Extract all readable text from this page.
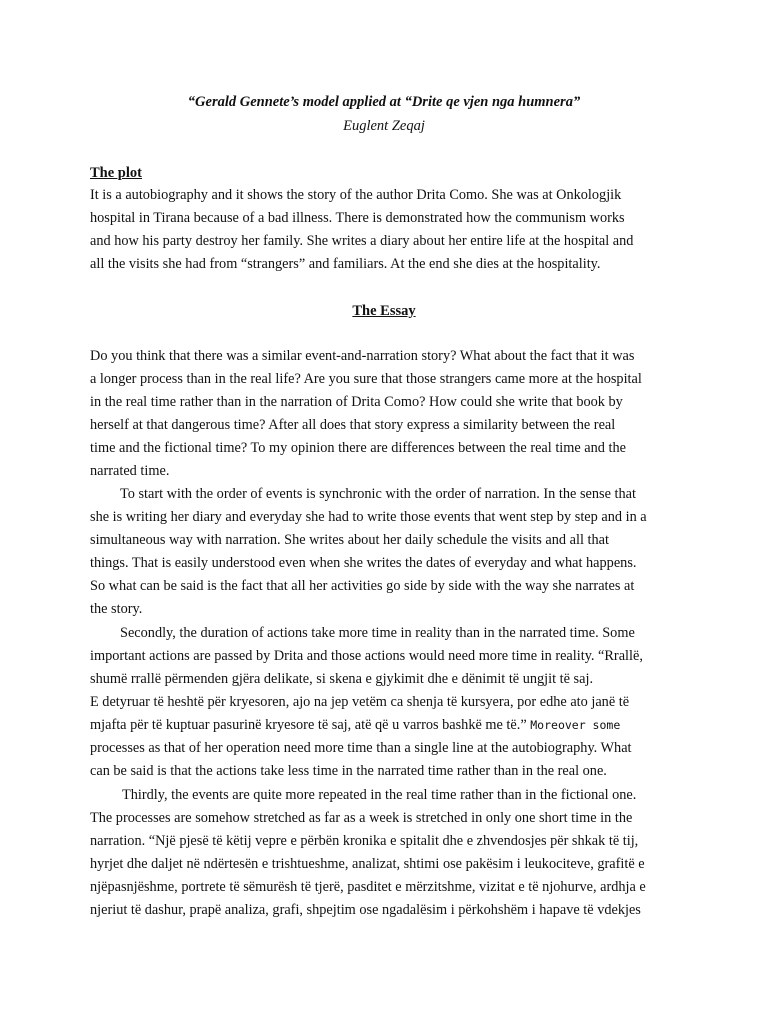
“Gerald Gennete’s model applied at “Drite qe vjen nga humnera”
Euglent Zeqaj
The plot
It is a autobiography and it shows the story of the author Drita Como. She was at Onkologjik
hospital in Tirana because of a bad illness. There is demonstrated how the communism works
and how his party destroy her family. She writes a diary about her entire life at the hospital and
all the visits she had from “strangers” and familiars. At the end she dies at the hospitality.
The Essay
Do you think that there was a similar event-and-narration story? What about the fact that it was
a longer process than in the real life? Are you sure that those strangers came more at the hospital
in the real time rather than in the narration of Drita Como? How could she write that book by
herself at that dangerous time? After all does that story express a similarity between the real
time and the fictional time? To my opinion there are differences between the real time and the
narrated time.
To start with the order of events is synchronic with the order of narration. In the sense that
she is writing her diary and everyday she had to write those events that went step by step and in a
simultaneous way with narration. She writes about her daily schedule the visits and all that
things. That is easily understood even when she writes the dates of everyday and what happens.
So what can be said is the fact that all her activities go side by side with the way she narrates at
the story.
Secondly, the duration of actions take more time in reality than in the narrated time. Some
important actions are passed by Drita and those actions would need more time in reality. “Rrallë,
shumë rrallë përmenden gjëra delikate, si skena e gjykimit dhe e dënimit të ungjit të saj.
E detyruar të heshtë për kryesoren, ajo na jep vetëm ca shenja të kursyera, por edhe ato janë të
mjafta për të kuptuar pasurinë kryesore të saj, atë që u varros bashkë me të.” Moreover some
processes as that of her operation need more time than a single line at the autobiography. What
can be said is that the actions take less time in the narrated time rather than in the real one.
Thirdly, the events are quite more repeated in the real time rather than in the fictional one.
The processes are somehow stretched as far as a week is stretched in only one short time in the
narration. “Një pjesë të këtij vepre e përbën kronika e spitalit dhe e zhvendosjes për shkak të tij,
hyrjet dhe daljet në ndërtesën e trishtueshme, analizat, shtimi ose pakësim i leukociteve, grafitë e
njëpasnjëshme, portrete të sëmurësh të tjerë, pasditet e mërzitshme, vizitat e të njohurve, ardhja e
njeriut të dashur, prapë analiza, grafi, shpejtim ose ngadalësim i përkohshëm i hapave të vdekjes
